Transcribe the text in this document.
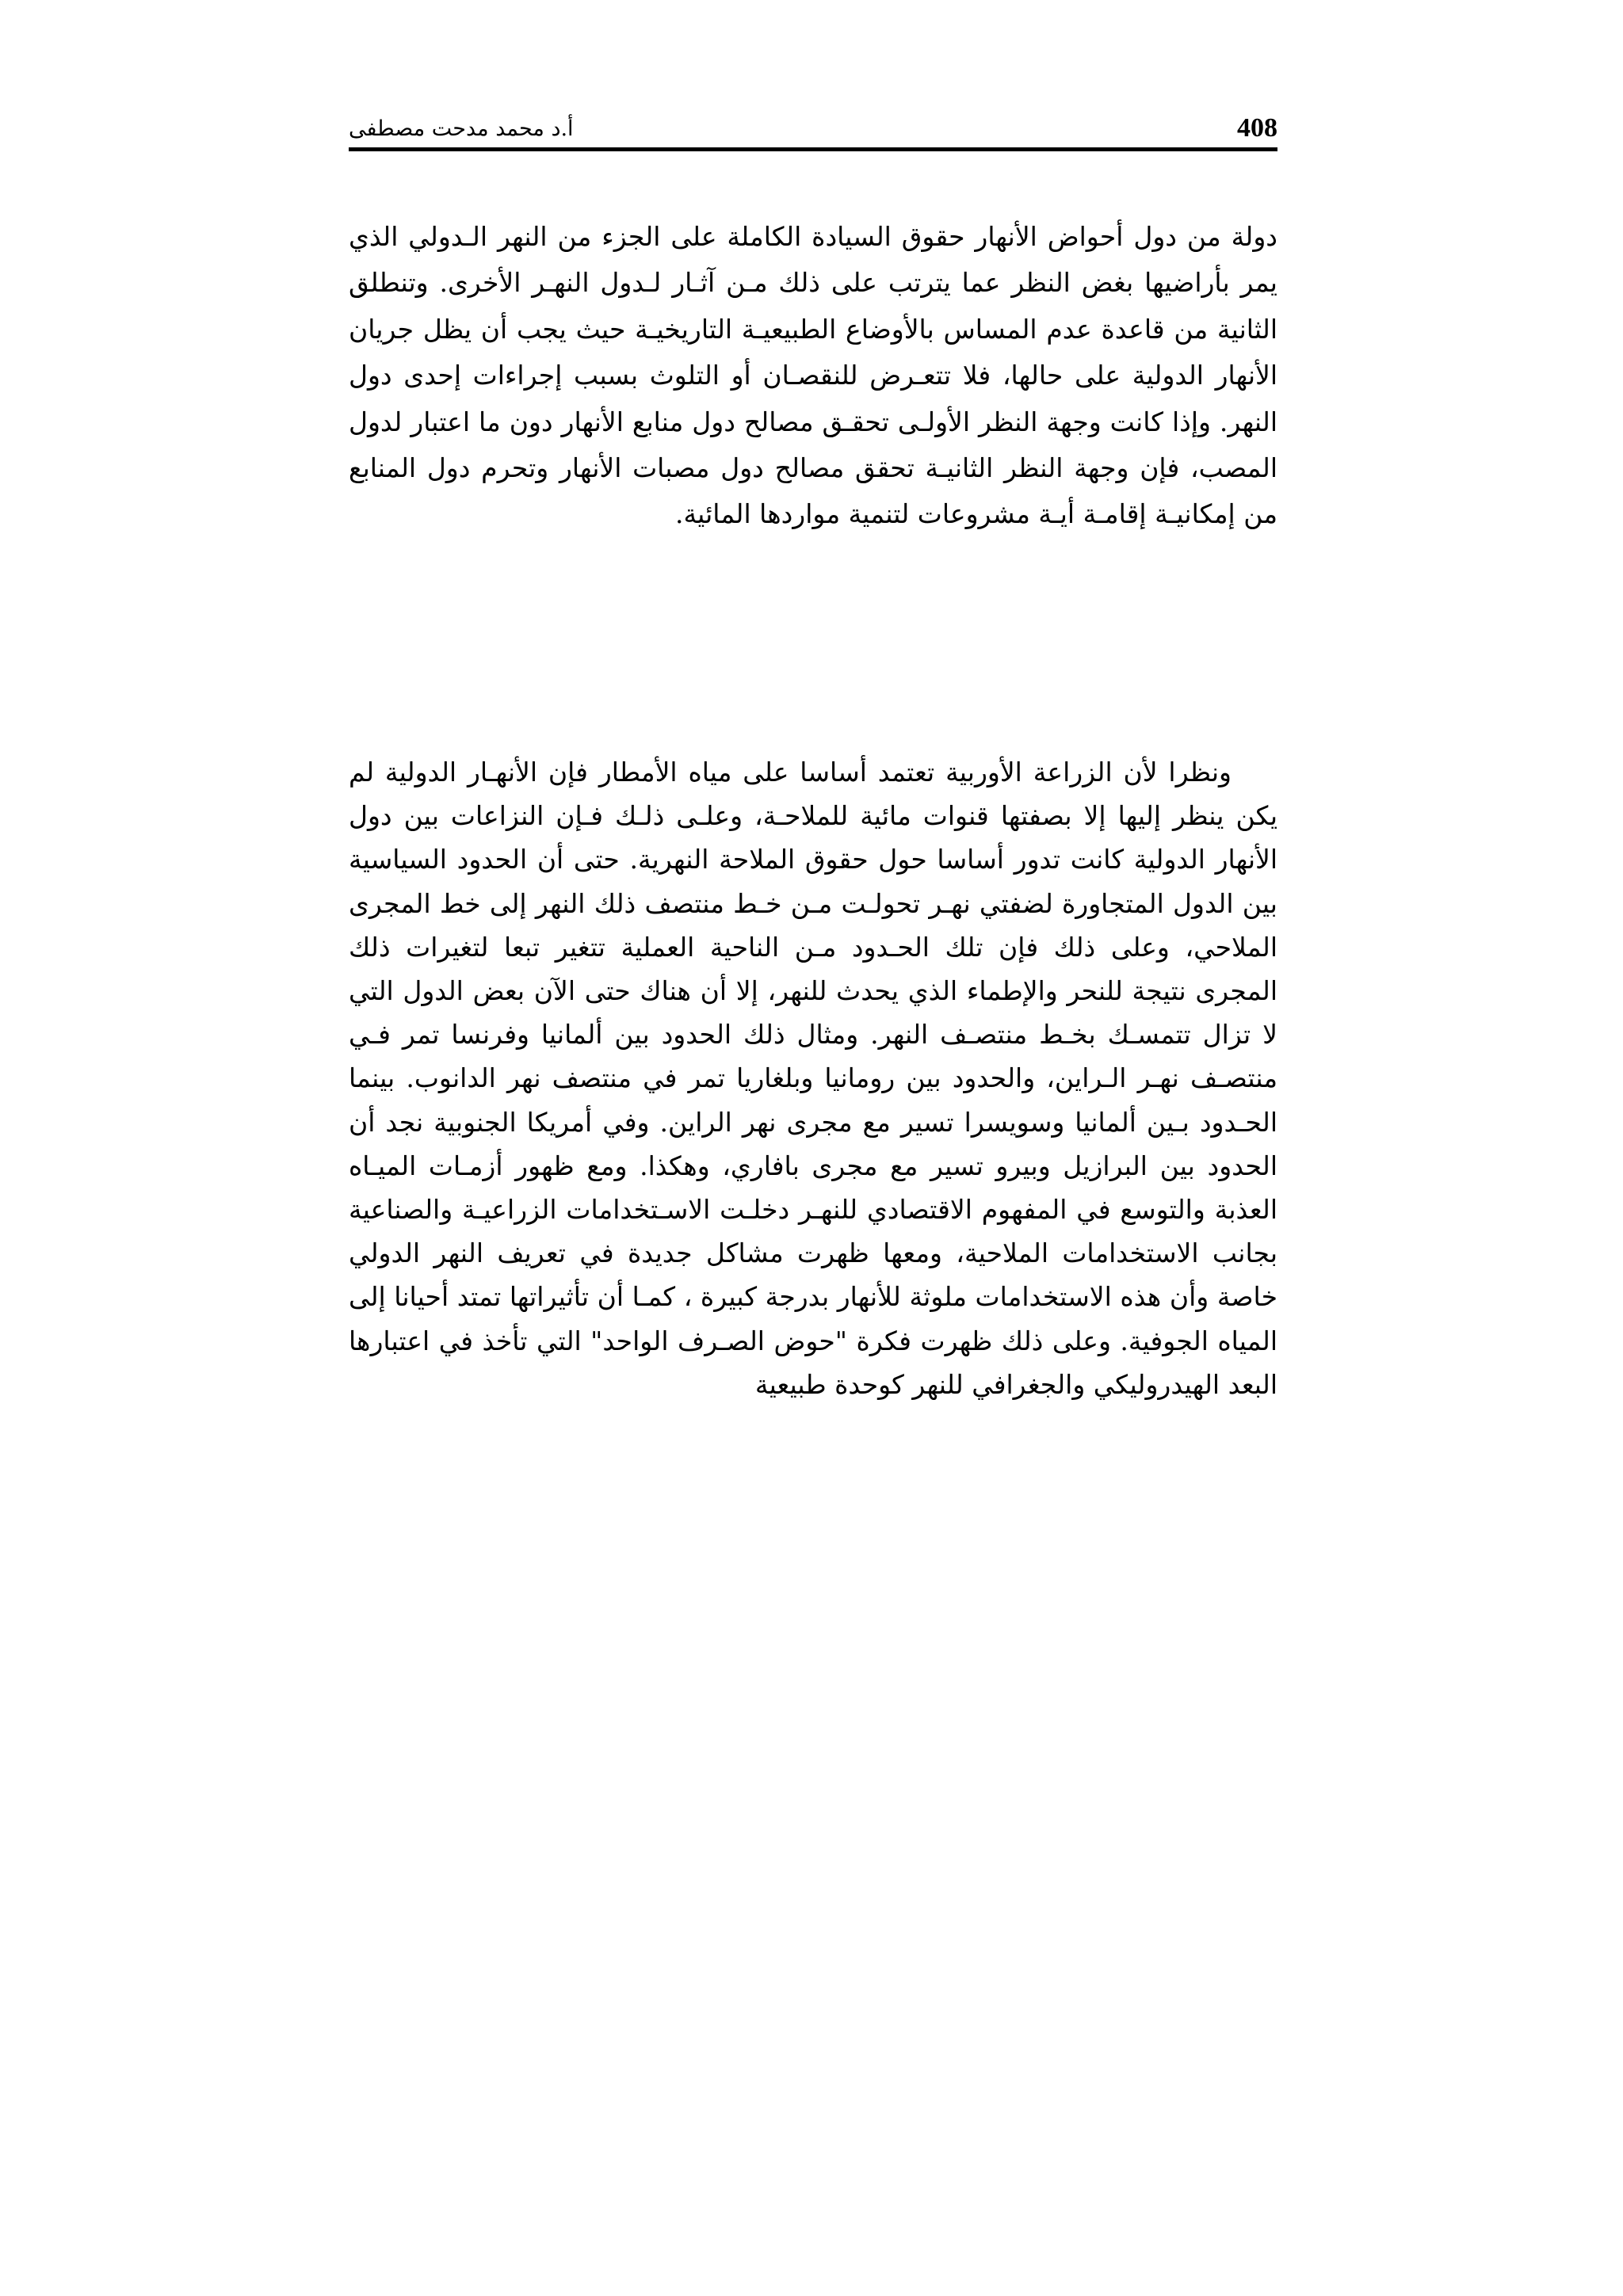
408
أ.د محمد مدحت مصطفى

دولة من دول أحواض الأنهار حقوق السيادة الكاملة على الجزء من النهر الـدولي الذي يمر بأراضيها بغض النظر عما يترتب على ذلك مـن آثـار لـدول النهـر الأخرى. وتنطلق الثانية من قاعدة عدم المساس بالأوضاع الطبيعيـة التاريخيـة حيث يجب أن يظل جريان الأنهار الدولية على حالها، فلا تتعـرض للنقصـان أو التلوث بسبب إجراءات إحدى دول النهر. وإذا كانت وجهة النظر الأولـى تحقـق مصالح دول منابع الأنهار دون ما اعتبار لدول المصب، فإن وجهة النظر الثانيـة تحقق مصالح دول مصبات الأنهار وتحرم دول المنابع من إمكانيـة إقامـة أيـة مشروعات لتنمية مواردها المائية.

ونظرا لأن الزراعة الأوربية تعتمد أساسا على مياه الأمطار فإن الأنهـار الدولية لم يكن ينظر إليها إلا بصفتها قنوات مائية للملاحـة، وعلـى ذلـك فـإن النزاعات بين دول الأنهار الدولية كانت تدور أساسا حول حقوق الملاحة النهرية. حتى أن الحدود السياسية بين الدول المتجاورة لضفتي نهـر تحولـت مـن خـط منتصف ذلك النهر إلى خط المجرى الملاحي، وعلى ذلك فإن تلك الحـدود مـن الناحية العملية تتغير تبعا لتغيرات ذلك المجرى نتيجة للنحر والإطماء الذي يحدث للنهر، إلا أن هناك حتى الآن بعض الدول التي لا تزال تتمسـك بخـط منتصـف النهر. ومثال ذلك الحدود بين ألمانيا وفرنسا تمر فـي منتصـف نهـر الـراين، والحدود بين رومانيا وبلغاريا تمر في منتصف نهر الدانوب. بينما الحـدود بـين ألمانيا وسويسرا تسير مع مجرى نهر الراين. وفي أمريكا الجنوبية نجد أن الحدود بين البرازيل وبيرو تسير مع مجرى بافاري، وهكذا. ومع ظهور أزمـات الميـاه العذبة والتوسع في المفهوم الاقتصادي للنهـر دخلـت الاسـتخدامات الزراعيـة والصناعية بجانب الاستخدامات الملاحية، ومعها ظهرت مشاكل جديدة في تعريف النهر الدولي خاصة وأن هذه الاستخدامات ملوثة للأنهار بدرجة كبيرة ، كمـا أن تأثيراتها تمتد أحيانا إلى المياه الجوفية. وعلى ذلك ظهرت فكرة "حوض الصـرف الواحد" التي تأخذ في اعتبارها البعد الهيدروليكي والجغرافي للنهر كوحدة طبيعية
